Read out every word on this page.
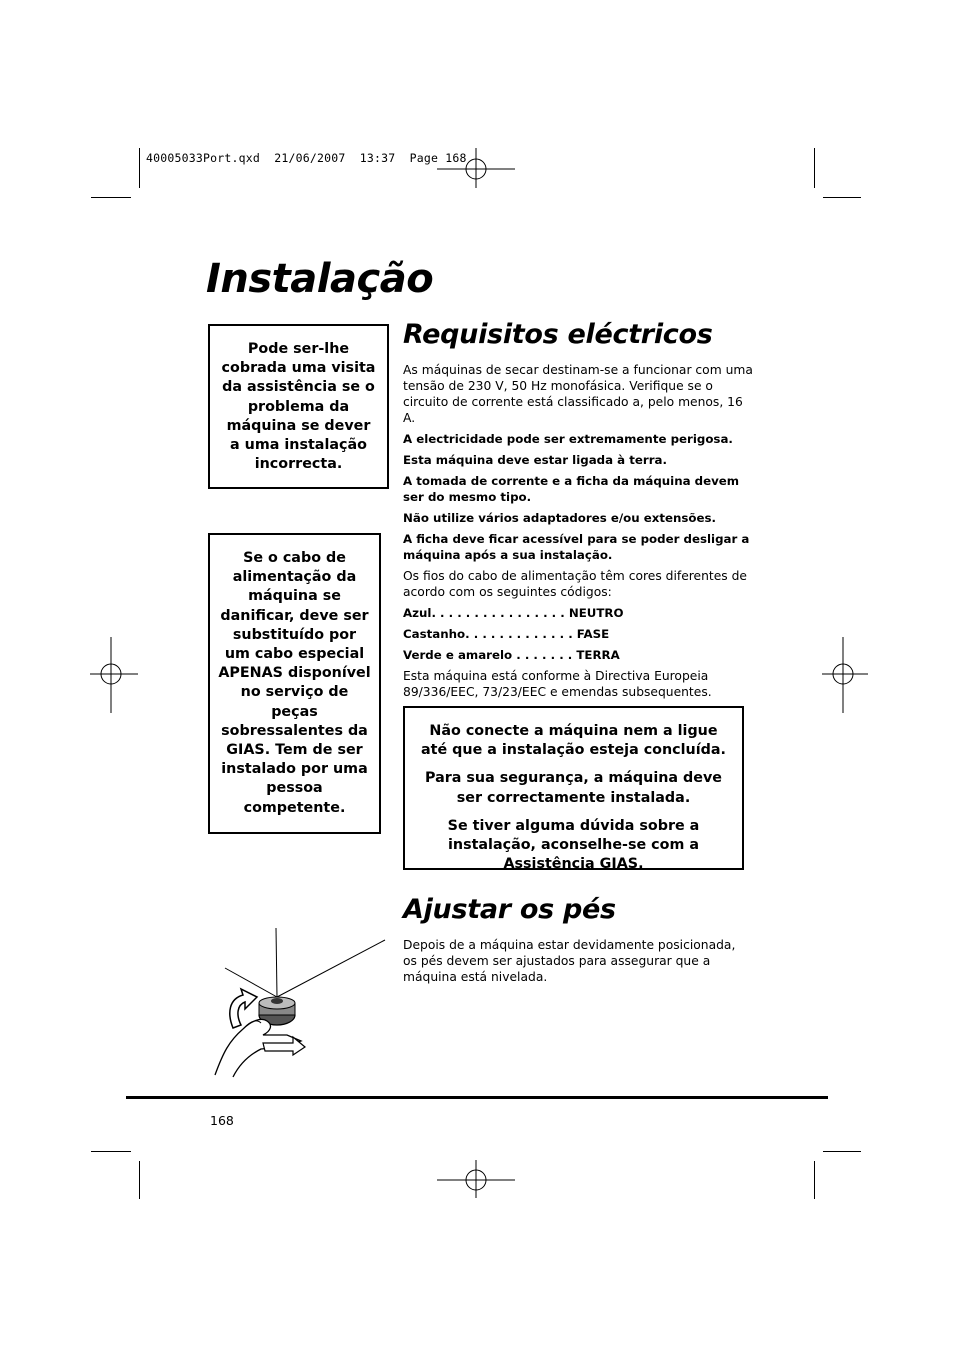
40005033Port.qxd  21/06/2007  13:37  Page 168
Instalação

Pode ser-lhe cobrada uma visita da assistência se o problema da máquina se dever a uma instalação incorrecta.

Se o cabo de alimentação da máquina se danificar, deve ser substituído por um cabo especial APENAS disponível no serviço de peças sobressalentes da GIAS. Tem de ser instalado por uma pessoa competente.

Requisitos eléctricos

As máquinas de secar destinam-se a funcionar com uma tensão de 230 V, 50 Hz monofásica. Verifique se o circuito de corrente está classificado a, pelo menos, 16 A.

A electricidade pode ser extremamente perigosa.

Esta máquina deve estar ligada à terra.

A tomada de corrente e a ficha da máquina devem ser do mesmo tipo.

Não utilize vários adaptadores e/ou extensões.

A ficha deve ficar acessível para se poder desligar a máquina após a sua instalação.

Os fios do cabo de alimentação têm cores diferentes de acordo com os seguintes códigos:

Azul. . . . . . . . . . . . . . . . NEUTRO

Castanho. . . . . . . . . . . . . FASE

Verde e amarelo . . . . . . . TERRA

Esta máquina está conforme à Directiva Europeia 89/336/EEC, 73/23/EEC e emendas subsequentes.

Não conecte a máquina nem a ligue até que a instalação esteja concluída.

Para sua segurança, a máquina deve ser correctamente instalada.

Se tiver alguma dúvida sobre a instalação, aconselhe-se com a Assistência GIAS.

Ajustar os pés

Depois de a máquina estar devidamente posicionada, os pés devem ser ajustados para assegurar que a máquina está nivelada.

168
